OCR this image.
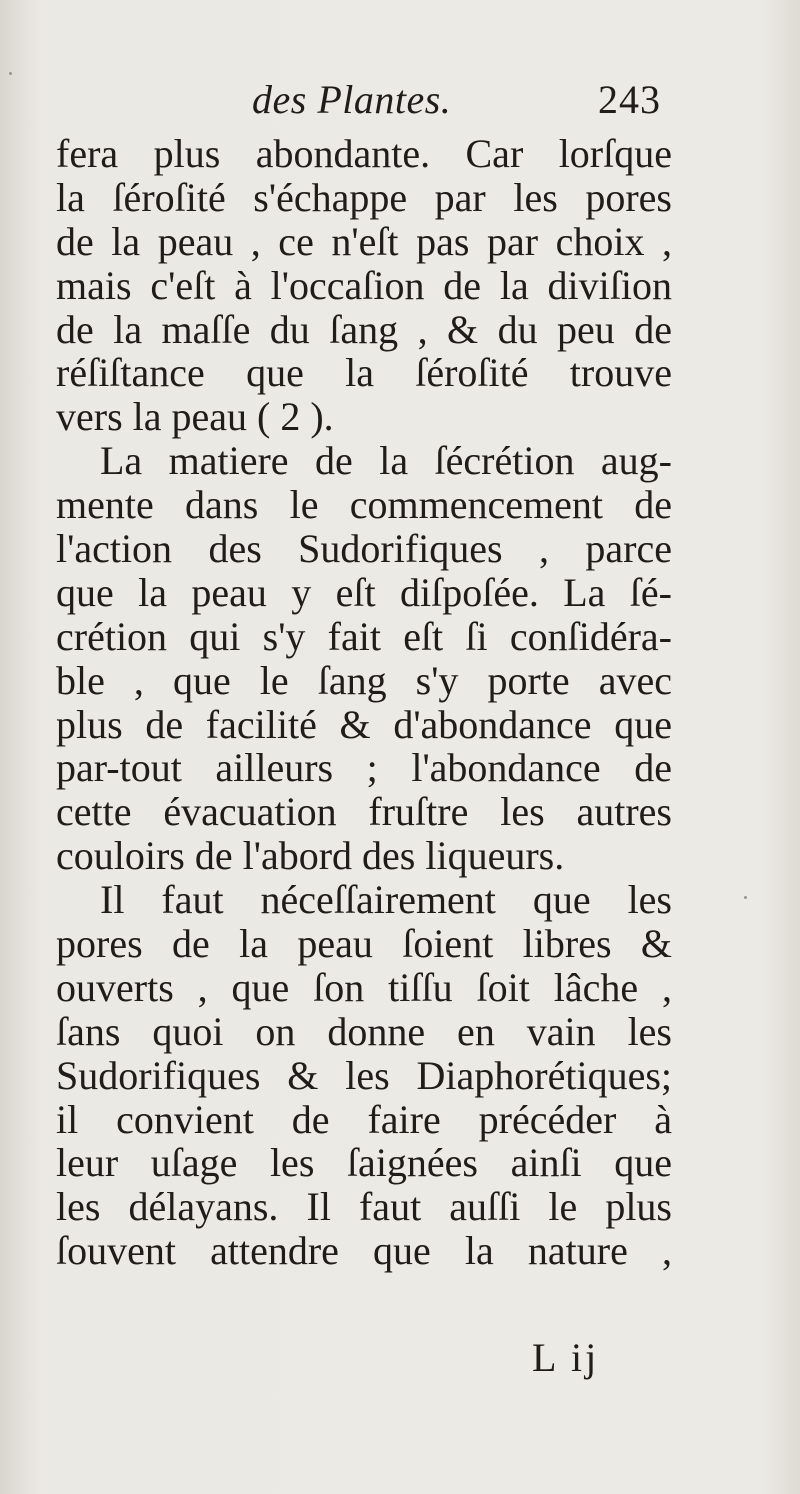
des Plantes.	243
fera plus abondante. Car lorſque
la ſéroſité s'échappe par les pores
de la peau , ce n'eſt pas par choix ,
mais c'eſt à l'occaſion de la diviſion
de la maſſe du ſang , & du peu de
réſiſtance que la ſéroſité trouve
vers la peau ( 2 ).
La matiere de la ſécrétion aug-
mente dans le commencement de
l'action des Sudorifiques , parce
que la peau y eſt diſpoſée. La ſé-
crétion qui s'y fait eſt ſi conſidéra-
ble , que le ſang s'y porte avec
plus de facilité & d'abondance que
par-tout ailleurs ; l'abondance de
cette évacuation fruſtre les autres
couloirs de l'abord des liqueurs.
Il faut néceſſairement que les
pores de la peau ſoient libres &
ouverts , que ſon tiſſu ſoit lâche ,
ſans quoi on donne en vain les
Sudorifiques & les Diaphorétiques;
il convient de faire précéder à
leur uſage les ſaignées ainſi que
les délayans. Il faut auſſi le plus
ſouvent attendre que la nature ,
L ij
